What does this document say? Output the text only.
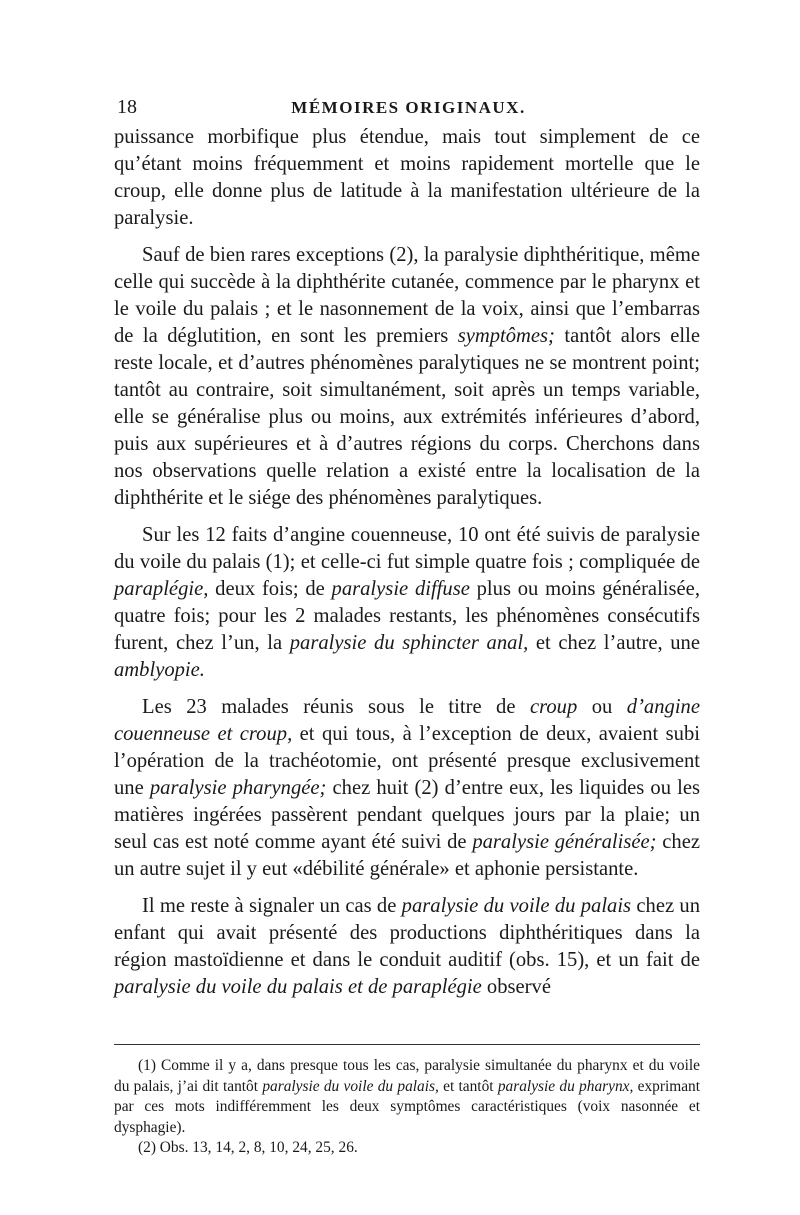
18	MÉMOIRES ORIGINAUX.

puissance morbifique plus étendue, mais tout simplement de ce qu’étant moins fréquemment et moins rapidement mortelle que le croup, elle donne plus de latitude à la manifestation ultérieure de la paralysie.

Sauf de bien rares exceptions (2), la paralysie diphthéritique, même celle qui succède à la diphthérite cutanée, commence par le pharynx et le voile du palais ; et le nasonnement de la voix, ainsi que l’embarras de la déglutition, en sont les premiers symptômes; tantôt alors elle reste locale, et d’autres phénomènes paralytiques ne se montrent point; tantôt au contraire, soit simultanément, soit après un temps variable, elle se généralise plus ou moins, aux extrémités inférieures d’abord, puis aux supérieures et à d’autres régions du corps. Cherchons dans nos observations quelle relation a existé entre la localisation de la diphthérite et le siége des phénomènes paralytiques.

Sur les 12 faits d’angine couenneuse, 10 ont été suivis de paralysie du voile du palais (1); et celle-ci fut simple quatre fois ; compliquée de paraplégie, deux fois; de paralysie diffuse plus ou moins généralisée, quatre fois; pour les 2 malades restants, les phénomènes consécutifs furent, chez l’un, la paralysie du sphincter anal, et chez l’autre, une amblyopie.

Les 23 malades réunis sous le titre de croup ou d’angine couenneuse et croup, et qui tous, à l’exception de deux, avaient subi l’opération de la trachéotomie, ont présenté presque exclusivement une paralysie pharyngée; chez huit (2) d’entre eux, les liquides ou les matières ingérées passèrent pendant quelques jours par la plaie; un seul cas est noté comme ayant été suivi de paralysie généralisée; chez un autre sujet il y eut «débilité générale» et aphonie persistante.

Il me reste à signaler un cas de paralysie du voile du palais chez un enfant qui avait présenté des productions diphthéritiques dans la région mastoïdienne et dans le conduit auditif (obs. 15), et un fait de paralysie du voile du palais et de paraplégie observé

(1) Comme il y a, dans presque tous les cas, paralysie simultanée du pharynx et du voile du palais, j’ai dit tantôt paralysie du voile du palais, et tantôt paralysie du pharynx, exprimant par ces mots indifféremment les deux symptômes caractéristiques (voix nasonnée et dysphagie).

(2) Obs. 13, 14, 2, 8, 10, 24, 25, 26.
